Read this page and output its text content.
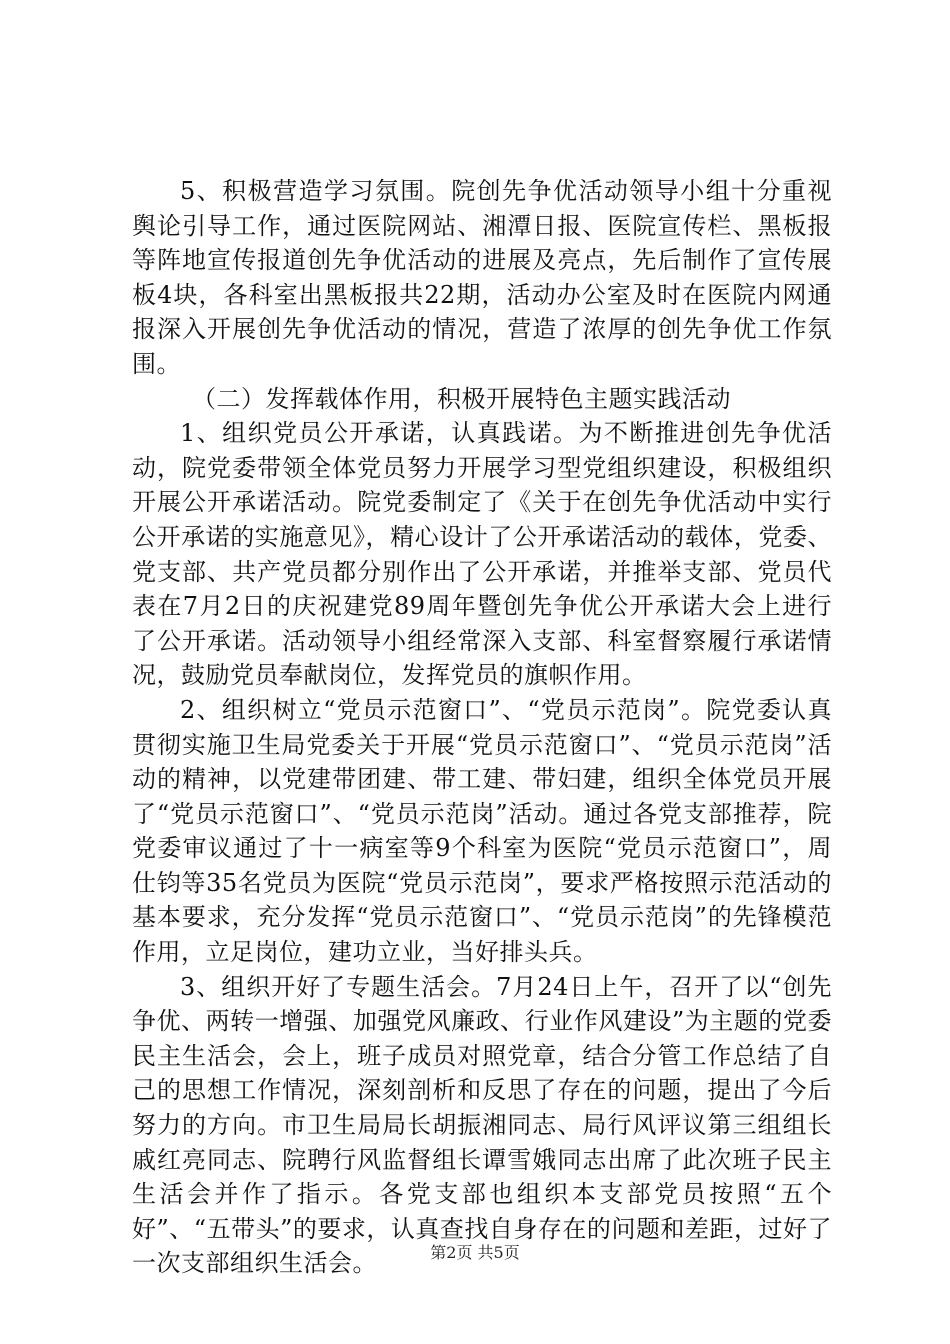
5、积极营造学习氛围。院创先争优活动领导小组十分重视舆论引导工作，通过医院网站、湘潭日报、医院宣传栏、黑板报等阵地宣传报道创先争优活动的进展及亮点，先后制作了宣传展板4块，各科室出黑板报共22期，活动办公室及时在医院内网通报深入开展创先争优活动的情况，营造了浓厚的创先争优工作氛围。

（二）发挥载体作用，积极开展特色主题实践活动

1、组织党员公开承诺，认真践诺。为不断推进创先争优活动，院党委带领全体党员努力开展学习型党组织建设，积极组织开展公开承诺活动。院党委制定了《关于在创先争优活动中实行公开承诺的实施意见》，精心设计了公开承诺活动的载体，党委、党支部、共产党员都分别作出了公开承诺，并推举支部、党员代表在7月2日的庆祝建党89周年暨创先争优公开承诺大会上进行了公开承诺。活动领导小组经常深入支部、科室督察履行承诺情况，鼓励党员奉献岗位，发挥党员的旗帜作用。

2、组织树立“党员示范窗口”、“党员示范岗”。院党委认真贯彻实施卫生局党委关于开展“党员示范窗口”、“党员示范岗”活动的精神，以党建带团建、带工建、带妇建，组织全体党员开展了“党员示范窗口”、“党员示范岗”活动。通过各党支部推荐，院党委审议通过了十一病室等9个科室为医院“党员示范窗口”，周仕钧等35名党员为医院“党员示范岗”，要求严格按照示范活动的基本要求，充分发挥“党员示范窗口”、“党员示范岗”的先锋模范作用，立足岗位，建功立业，当好排头兵。

3、组织开好了专题生活会。7月24日上午，召开了以“创先争优、两转一增强、加强党风廉政、行业作风建设”为主题的党委民主生活会，会上，班子成员对照党章，结合分管工作总结了自己的思想工作情况，深刻剖析和反思了存在的问题，提出了今后努力的方向。市卫生局局长胡振湘同志、局行风评议第三组组长戚红亮同志、院聘行风监督组长谭雪娥同志出席了此次班子民主生活会并作了指示。各党支部也组织本支部党员按照“五个好”、“五带头”的要求，认真查找自身存在的问题和差距，过好了一次支部组织生活会。	第2页 共5页
